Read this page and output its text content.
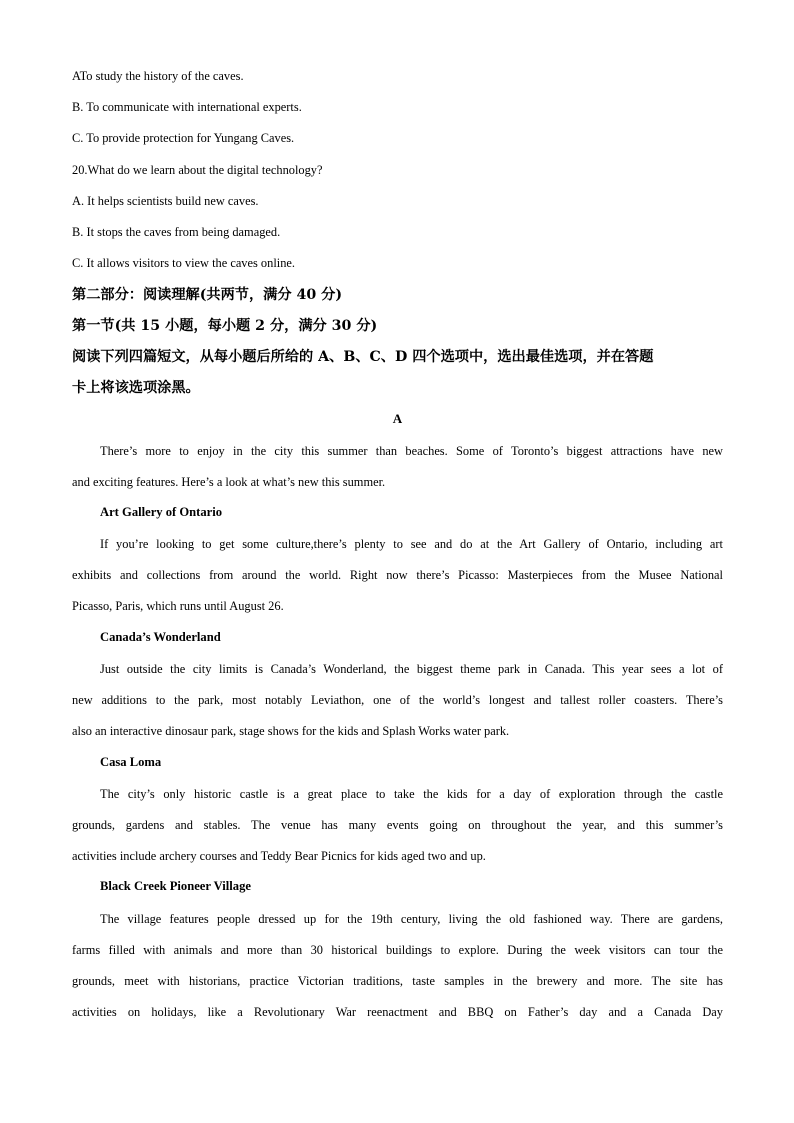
ATo study the history of the caves.
B. To communicate with international experts.
C. To provide protection for Yungang Caves.
20.What do we learn about the digital technology?
A. It helps scientists build new caves.
B. It stops the caves from being damaged.
C. It allows visitors to view the caves online.
第二部分：阅读理解(共两节，满分 40 分)
第一节(共 15 小题，每小题 2 分，满分 30 分)
阅读下列四篇短文，从每小题后所给的 A、B、C、D 四个选项中，选出最佳选项，并在答题
卡上将该选项涂黑。
A
There’s more to enjoy in the city this summer than beaches. Some of Toronto’s biggest attractions have new
and exciting features. Here’s a look at what’s new this summer.
Art Gallery of Ontario
If you’re looking to get some culture,there’s plenty to see and do at the Art Gallery of Ontario, including art
exhibits and collections from around the world. Right now there’s Picasso: Masterpieces from the Musee National
Picasso, Paris, which runs until August 26.
Canada’s Wonderland
Just outside the city limits is Canada’s Wonderland, the biggest theme park in Canada. This year sees a lot of
new additions to the park, most notably Leviathon, one of the world’s longest and tallest roller coasters. There’s
also an interactive dinosaur park, stage shows for the kids and Splash Works water park.
Casa Loma
The city’s only historic castle is a great place to take the kids for a day of exploration through the castle
grounds, gardens and stables. The venue has many events going on throughout the year, and this summer’s
activities include archery courses and Teddy Bear Picnics for kids aged two and up.
Black Creek Pioneer Village
The village features people dressed up for the 19th century, living the old fashioned way. There are gardens,
farms filled with animals and more than 30 historical buildings to explore. During the week visitors can tour the
grounds, meet with historians, practice Victorian traditions, taste samples in the brewery and more. The site has
activities on holidays, like a Revolutionary War reenactment and BBQ on Father’s day and a Canada Day
